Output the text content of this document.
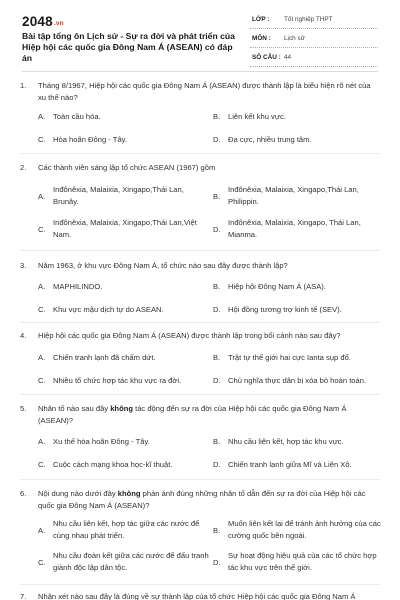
2048.vn
Bài tập tổng ôn Lịch sử - Sự ra đời và phát triển của Hiệp hội các quốc gia Đông Nam Á (ASEAN) có đáp án
LỚP : Tốt nghiệp THPT
MÔN : Lịch sử
SỐ CÂU : 44
1. Tháng 8/1967, Hiệp hội các quốc gia Đông Nam Á (ASEAN) được thành lập là biểu hiện rõ nét của xu thế nào?
A. Toàn cầu hóa.	B. Liên kết khu vực.
C. Hòa hoãn Đông - Tây.	D. Đa cực, nhiều trung tâm.
2. Các thành viên sáng lập tổ chức ASEAN (1967) gồm
A.
Inđônêxia, Malaixia, Xingapo,Thái Lan, Brunây.
B.
Inđônêxia, Malaixia, Xingapo,Thái Lan, Philippin.
C.
Inđônêxia, Malaixia, Xingapo,Thái Lan,Việt Nam.
D.
Inđônêxia, Malaixia, Xingapo, Thái Lan, Mianma.
3. Năm 1963, ở khu vực Đông Nam Á, tổ chức nào sau đây được thành lập?
A. MAPHILINDO.	B. Hiệp hội Đông Nam Á (ASA).
C. Khu vực mậu dịch tự do ASEAN.	D. Hội đồng tương trợ kinh tế (SEV).
4. Hiệp hội các quốc gia Đông Nam Á (ASEAN) được thành lập trong bối cảnh nào sau đây?
A. Chiến tranh lạnh đã chấm dứt.	B. Trật tự thế giới hai cực Ianta sụp đổ.
C. Nhiều tổ chức hợp tác khu vực ra đời.	D. Chủ nghĩa thực dân bị xóa bỏ hoàn toàn.
5. Nhân tố nào sau đây không tác động đến sự ra đời của Hiệp hội các quốc gia Đông Nam Á (ASEAN)?
A. Xu thế hòa hoãn Đông - Tây.	B. Nhu cầu liên kết, hợp tác khu vực.
C. Cuộc cách mạng khoa học-kĩ thuật.	D. Chiến tranh lạnh giữa Mĩ và Liên Xô.
6. Nội dung nào dưới đây không phản ánh đúng những nhân tố dẫn đến sự ra đời của Hiệp hội các quốc gia Đông Nam Á (ASEAN)?
A.
Nhu cầu liên kết, hợp tác giữa các nước để cùng nhau phát triển.
B.
Muốn liên kết lại để tránh ảnh hưởng của các cường quốc bên ngoài.
C.
Nhu cầu đoàn kết giữa các nước để đấu tranh giành độc lập dân tộc.
D.
Sự hoạt động hiệu quả của các tổ chức hợp tác khu vực trên thế giới.
7. Nhận xét nào sau đây là đúng về sự thành lập của tổ chức Hiệp hội các quốc gia Đông Nam Á
